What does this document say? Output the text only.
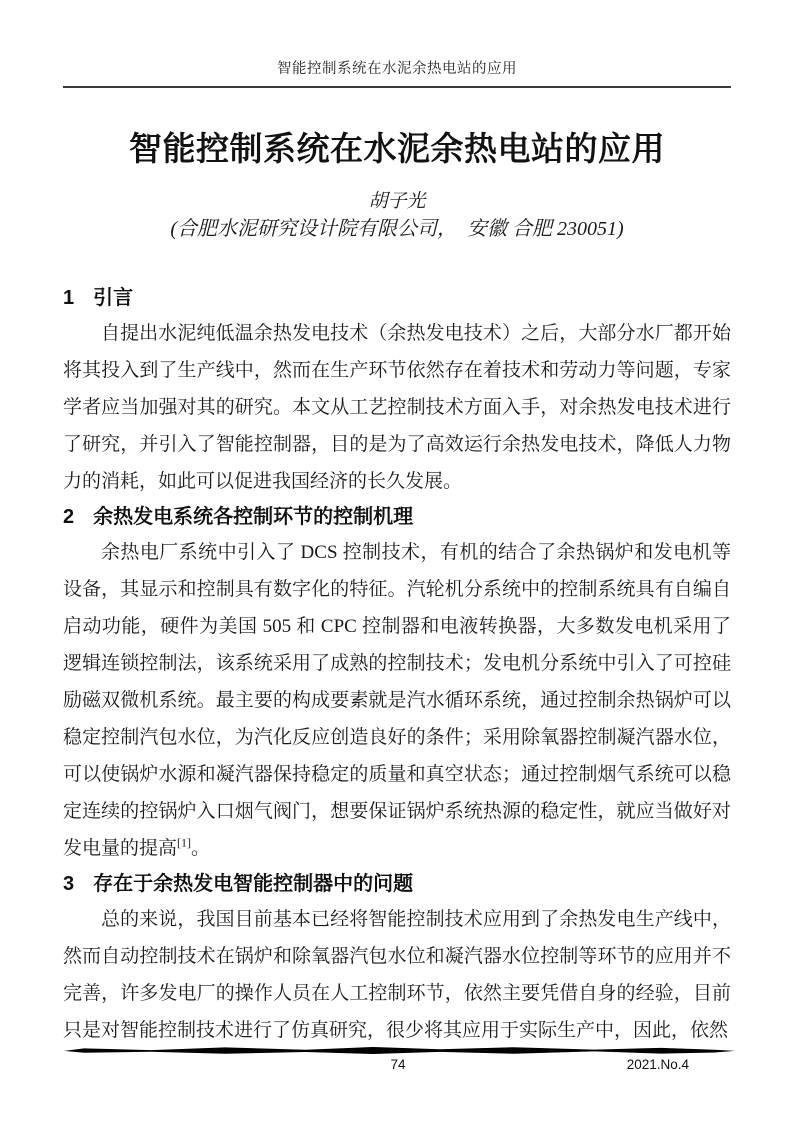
智能控制系统在水泥余热电站的应用
智能控制系统在水泥余热电站的应用
胡子光
(合肥水泥研究设计院有限公司，　安徽 合肥 230051)
1 引言

自提出水泥纯低温余热发电技术（余热发电技术）之后，大部分水厂都开始将其投入到了生产线中，然而在生产环节依然存在着技术和劳动力等问题，专家学者应当加强对其的研究。本文从工艺控制技术方面入手，对余热发电技术进行了研究，并引入了智能控制器，目的是为了高效运行余热发电技术，降低人力物力的消耗，如此可以促进我国经济的长久发展。

2 余热发电系统各控制环节的控制机理

余热电厂系统中引入了 DCS 控制技术，有机的结合了余热锅炉和发电机等设备，其显示和控制具有数字化的特征。汽轮机分系统中的控制系统具有自编自启动功能，硬件为美国 505 和 CPC 控制器和电液转换器，大多数发电机采用了逻辑连锁控制法，该系统采用了成熟的控制技术；发电机分系统中引入了可控硅励磁双微机系统。最主要的构成要素就是汽水循环系统，通过控制余热锅炉可以稳定控制汽包水位，为汽化反应创造良好的条件；采用除氧器控制凝汽器水位，可以使锅炉水源和凝汽器保持稳定的质量和真空状态；通过控制烟气系统可以稳定连续的控锅炉入口烟气阀门，想要保证锅炉系统热源的稳定性，就应当做好对发电量的提高[1]。

3 存在于余热发电智能控制器中的问题

总的来说，我国目前基本已经将智能控制技术应用到了余热发电生产线中，然而自动控制技术在锅炉和除氧器汽包水位和凝汽器水位控制等环节的应用并不完善，许多发电厂的操作人员在人工控制环节，依然主要凭借自身的经验，目前只是对智能控制技术进行了仿真研究，很少将其应用于实际生产中，因此，依然

74	2021.No.4
